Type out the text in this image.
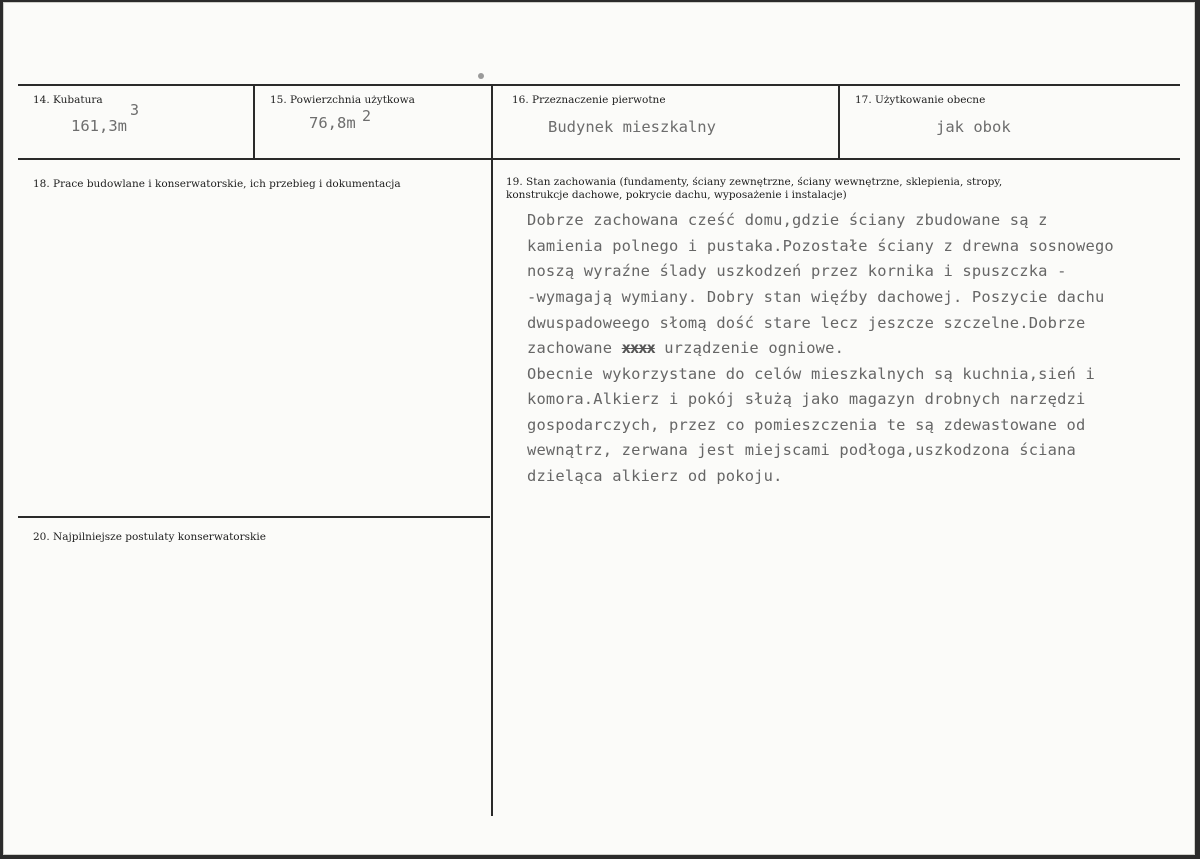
14. Kubatura
161,3m
3
15. Powierzchnia użytkowa
76,8m 2
16. Przeznaczenie pierwotne
Budynek mieszkalny
17. Użytkowanie obecne
jak obok
18. Prace budowlane i konserwatorskie, ich przebieg i dokumentacja	19. Stan zachowania (fundamenty, ściany zewnętrzne, ściany wewnętrzne, sklepienia, stropy,
konstrukcje dachowe, pokrycie dachu, wyposażenie i instalacje)
Dobrze zachowana cześć domu,gdzie ściany zbudowane są z
kamienia polnego i pustaka.Pozostałe ściany z drewna sosnowego
noszą wyraźne ślady uszkodzeń przez kornika i spuszczka -
-wymagają wymiany. Dobry stan więźby dachowej. Poszycie dachu
dwuspadoweego słomą dość stare lecz jeszcze szczelne.Dobrze
zachowane xxxx urządzenie ogniowe.
Obecnie wykorzystane do celów mieszkalnych są kuchnia,sień i
komora.Alkierz i pokój służą jako magazyn drobnych narzędzi
gospodarczych, przez co pomieszczenia te są zdewastowane od
wewnątrz, zerwana jest miejscami podłoga,uszkodzona ściana
dzieląca alkierz od pokoju.
20. Najpilniejsze postulaty konserwatorskie
